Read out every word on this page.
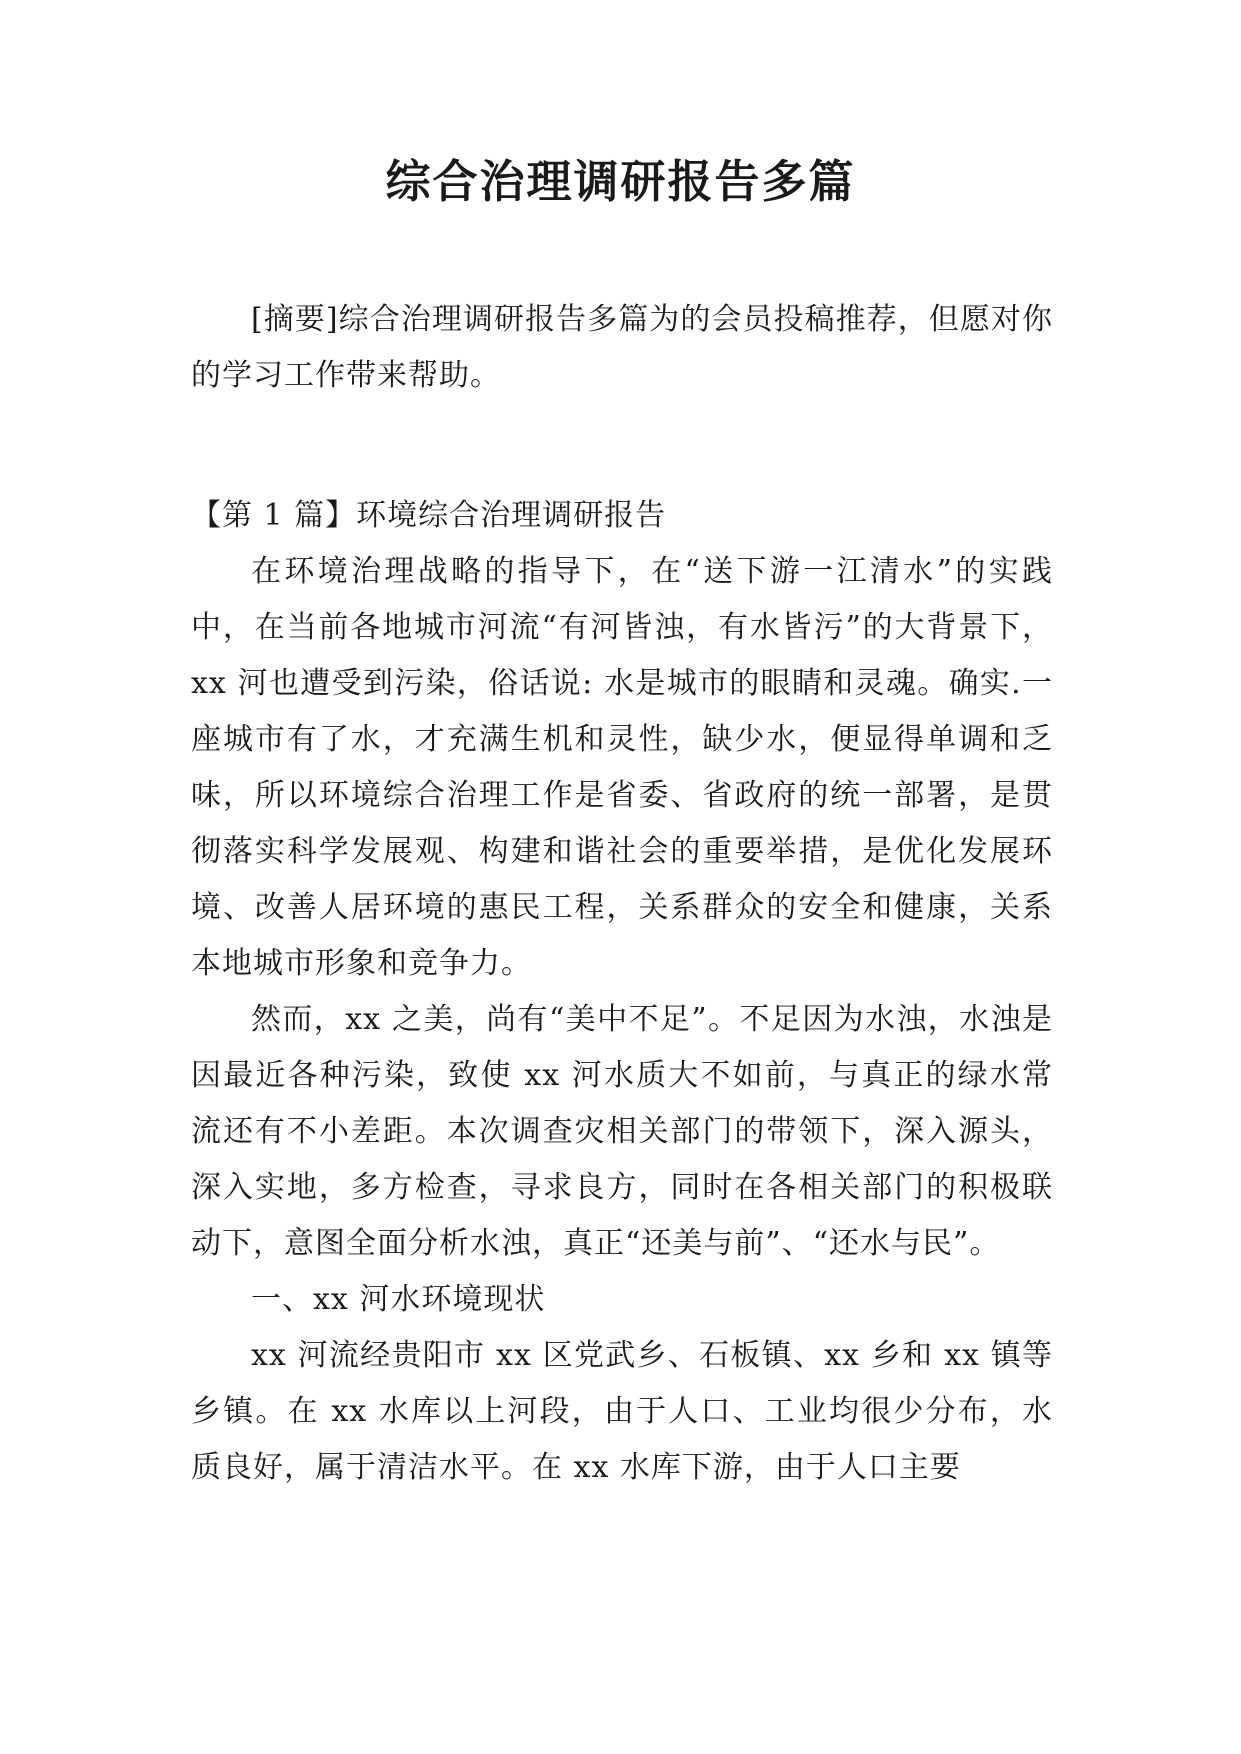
综合治理调研报告多篇

[摘要]综合治理调研报告多篇为的会员投稿推荐，但愿对你的学习工作带来帮助。

【第 1 篇】环境综合治理调研报告

在环境治理战略的指导下，在“送下游一江清水”的实践中，在当前各地城市河流“有河皆浊，有水皆污”的大背景下，xx 河也遭受到污染，俗话说: 水是城市的眼睛和灵魂。确实.一座城市有了水，才充满生机和灵性，缺少水，便显得单调和乏味，所以环境综合治理工作是省委、省政府的统一部署，是贯彻落实科学发展观、构建和谐社会的重要举措，是优化发展环境、改善人居环境的惠民工程，关系群众的安全和健康，关系本地城市形象和竞争力。

然而，xx 之美，尚有“美中不足”。不足因为水浊，水浊是因最近各种污染，致使 xx 河水质大不如前，与真正的绿水常流还有不小差距。本次调查灾相关部门的带领下，深入源头，深入实地，多方检查，寻求良方，同时在各相关部门的积极联动下，意图全面分析水浊，真正“还美与前”、“还水与民”。

一、xx 河水环境现状

xx 河流经贵阳市 xx 区党武乡、石板镇、xx 乡和 xx 镇等乡镇。在 xx 水库以上河段，由于人口、工业均很少分布，水质良好，属于清洁水平。在 xx 水库下游，由于人口主要
